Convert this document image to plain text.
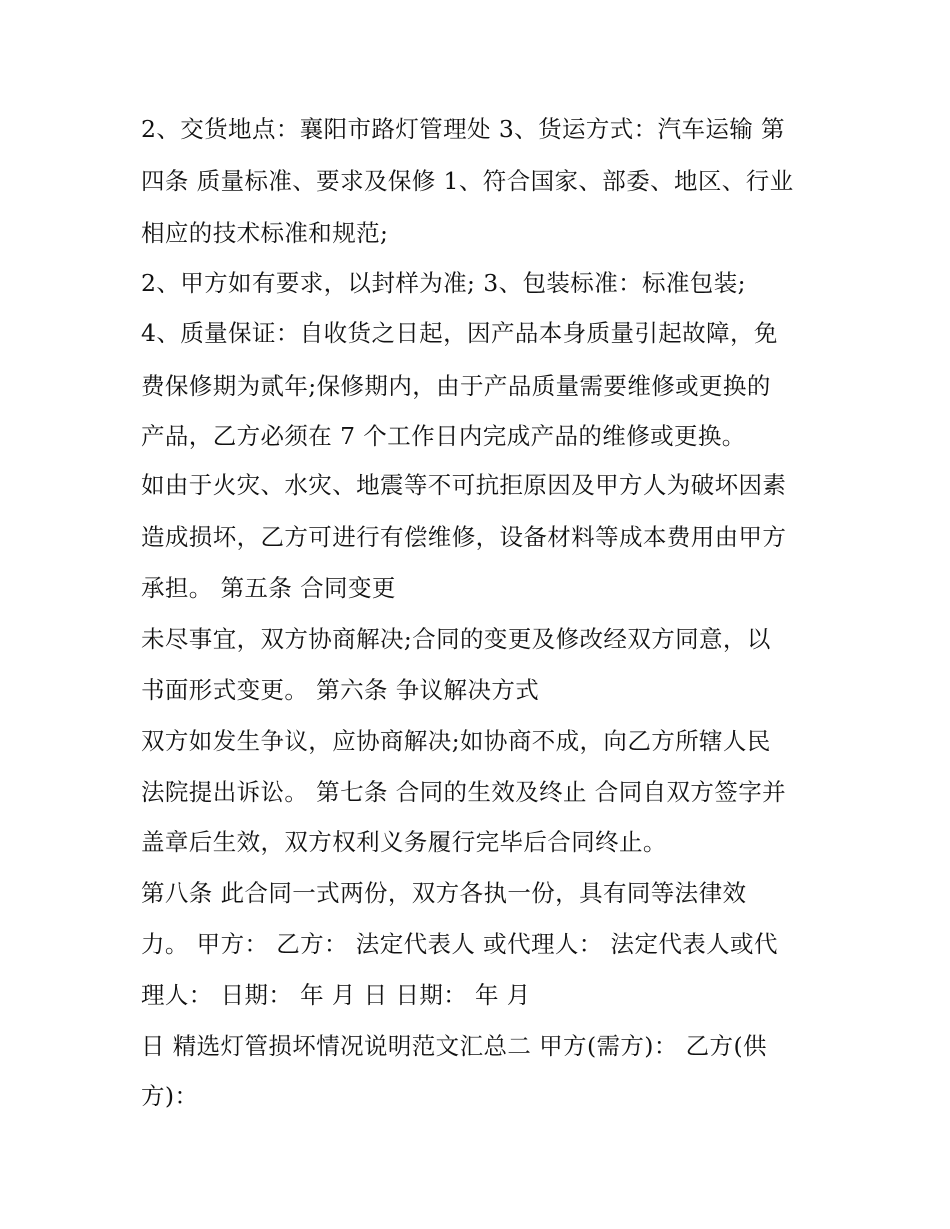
2、交货地点：襄阳市路灯管理处 3、货运方式：汽车运输 第
四条 质量标准、要求及保修 1、符合国家、部委、地区、行业
相应的技术标准和规范;
2、甲方如有要求，以封样为准; 3、包装标准：标准包装;
4、质量保证：自收货之日起，因产品本身质量引起故障，免
费保修期为贰年;保修期内，由于产品质量需要维修或更换的
产品，乙方必须在 7 个工作日内完成产品的维修或更换。
如由于火灾、水灾、地震等不可抗拒原因及甲方人为破坏因素
造成损坏，乙方可进行有偿维修，设备材料等成本费用由甲方
承担。 第五条 合同变更
未尽事宜，双方协商解决;合同的变更及修改经双方同意，以
书面形式变更。 第六条 争议解决方式
双方如发生争议，应协商解决;如协商不成，向乙方所辖人民
法院提出诉讼。 第七条 合同的生效及终止 合同自双方签字并
盖章后生效，双方权利义务履行完毕后合同终止。
第八条 此合同一式两份，双方各执一份，具有同等法律效
力。 甲方： 乙方： 法定代表人 或代理人： 法定代表人或代
理人： 日期： 年 月 日 日期： 年 月
日 精选灯管损坏情况说明范文汇总二 甲方(需方)： 乙方(供
方)：
